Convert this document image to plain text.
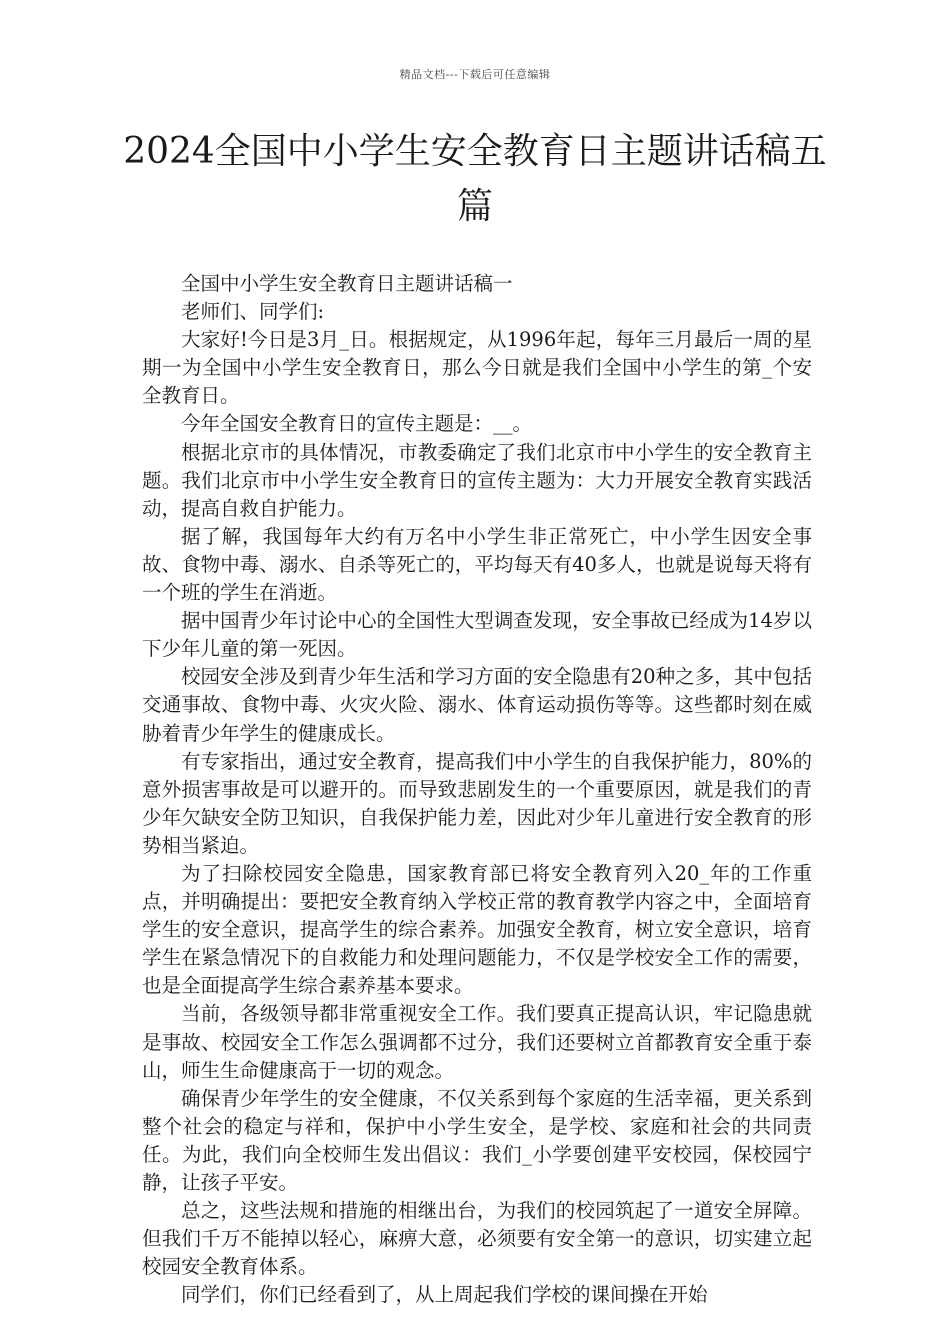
精品文档---下载后可任意编辑
2024全国中小学生安全教育日主题讲话稿五篇

全国中小学生安全教育日主题讲话稿一

老师们、同学们:

大家好!今日是3月_日。根据规定，从1996年起，每年三月最后一周的星期一为全国中小学生安全教育日，那么今日就是我们全国中小学生的第_个安全教育日。

今年全国安全教育日的宣传主题是：__。

根据北京市的具体情况，市教委确定了我们北京市中小学生的安全教育主题。我们北京市中小学生安全教育日的宣传主题为：大力开展安全教育实践活动，提高自救自护能力。

据了解，我国每年大约有万名中小学生非正常死亡，中小学生因安全事故、食物中毒、溺水、自杀等死亡的，平均每天有40多人，也就是说每天将有一个班的学生在消逝。

据中国青少年讨论中心的全国性大型调查发现，安全事故已经成为14岁以下少年儿童的第一死因。

校园安全涉及到青少年生活和学习方面的安全隐患有20种之多，其中包括交通事故、食物中毒、火灾火险、溺水、体育运动损伤等等。这些都时刻在威胁着青少年学生的健康成长。

有专家指出，通过安全教育，提高我们中小学生的自我保护能力，80%的意外损害事故是可以避开的。而导致悲剧发生的一个重要原因，就是我们的青少年欠缺安全防卫知识，自我保护能力差，因此对少年儿童进行安全教育的形势相当紧迫。

为了扫除校园安全隐患，国家教育部已将安全教育列入20_年的工作重点，并明确提出：要把安全教育纳入学校正常的教育教学内容之中，全面培育学生的安全意识，提高学生的综合素养。加强安全教育，树立安全意识，培育学生在紧急情况下的自救能力和处理问题能力，不仅是学校安全工作的需要，也是全面提高学生综合素养基本要求。

当前，各级领导都非常重视安全工作。我们要真正提高认识，牢记隐患就是事故、校园安全工作怎么强调都不过分，我们还要树立首都教育安全重于泰山，师生生命健康高于一切的观念。

确保青少年学生的安全健康，不仅关系到每个家庭的生活幸福，更关系到整个社会的稳定与祥和，保护中小学生安全，是学校、家庭和社会的共同责任。为此，我们向全校师生发出倡议：我们_小学要创建平安校园，保校园宁静，让孩子平安。

总之，这些法规和措施的相继出台，为我们的校园筑起了一道安全屏障。但我们千万不能掉以轻心，麻痹大意，必须要有安全第一的意识，切实建立起校园安全教育体系。

同学们，你们已经看到了，从上周起我们学校的课间操在开始
